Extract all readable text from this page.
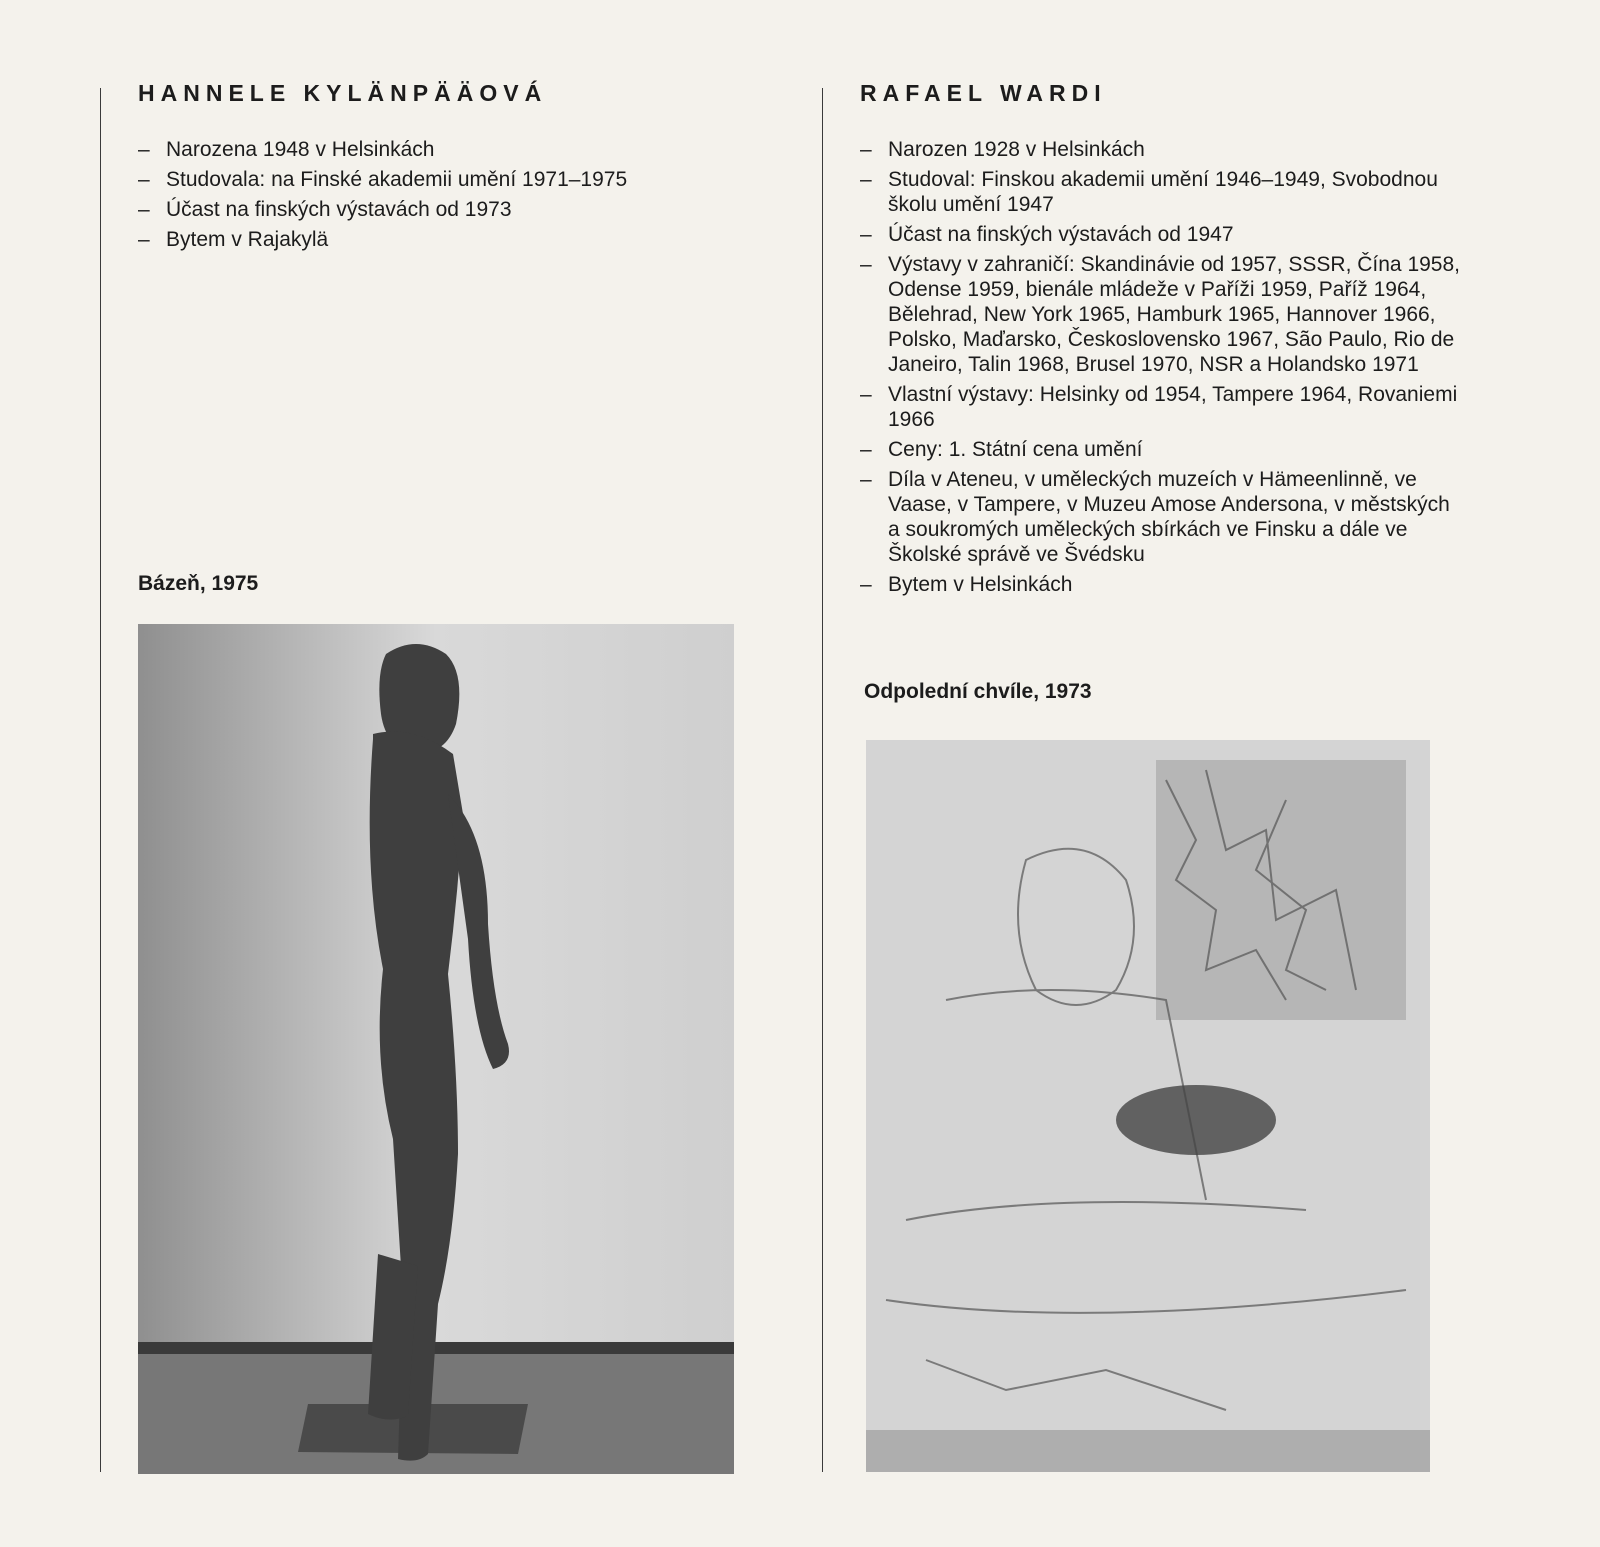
HANNELE KYLÄNPÄÄOVÁ
– Narozena 1948 v Helsinkách
– Studovala: na Finské akademii umění 1971–1975
– Účast na finských výstavách od 1973
– Bytem v Rajakylä
Bázeň, 1975
RAFAEL WARDI
– Narozen 1928 v Helsinkách
– Studoval: Finskou akademii umění 1946–1949, Svobodnou školu umění 1947
– Účast na finských výstavách od 1947
– Výstavy v zahraničí: Skandinávie od 1957, SSSR, Čína 1958, Odense 1959, bienále mládeže v Paříži 1959, Paříž 1964, Bělehrad, New York 1965, Hamburk 1965, Hannover 1966, Polsko, Maďarsko, Československo 1967, São Paulo, Rio de Janeiro, Talin 1968, Brusel 1970, NSR a Holandsko 1971
– Vlastní výstavy: Helsinky od 1954, Tampere 1964, Rovaniemi 1966
– Ceny: 1. Státní cena umění
– Díla v Ateneu, v uměleckých muzeích v Hämeenlinně, ve Vaase, v Tampere, v Muzeu Amose Andersona, v městských a soukromých uměleckých sbírkách ve Finsku a dále ve Školské správě ve Švédsku
– Bytem v Helsinkách
Odpolední chvíle, 1973
